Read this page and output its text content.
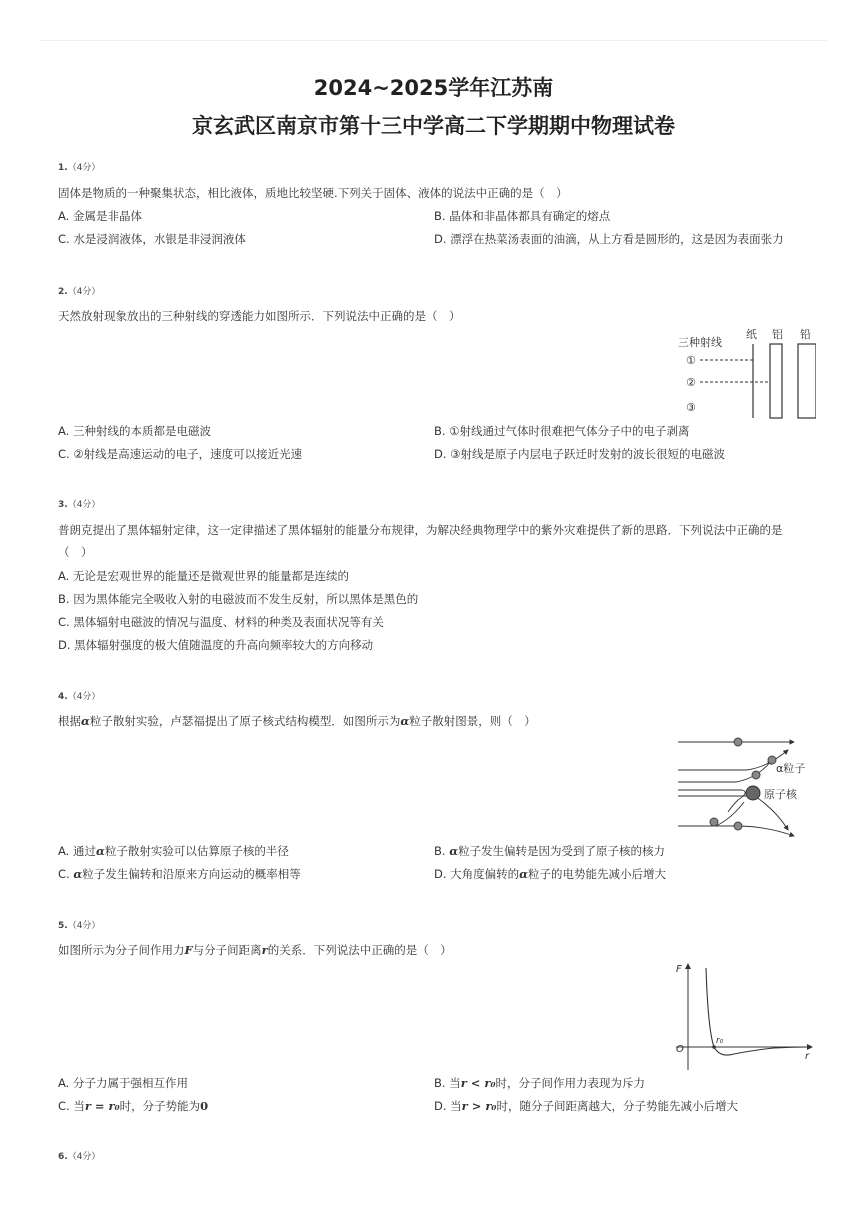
2024~2025学年江苏南
京玄武区南京市第十三中学高二下学期期中物理试卷
1.（4分）
固体是物质的一种聚集状态，相比液体，质地比较坚硬.下列关于固体、液体的说法中正确的是（　）
A. 金属是非晶体	B. 晶体和非晶体都具有确定的熔点
C. 水是浸润液体，水银是非浸润液体	D. 漂浮在热菜汤表面的油滴，从上方看是圆形的，这是因为表面张力
2.（4分）
天然放射现象放出的三种射线的穿透能力如图所示．下列说法中正确的是（　）
三种射线
纸 铝 铅
①
②
③
A. 三种射线的本质都是电磁波	B. ①射线通过气体时很难把气体分子中的电子剥离
C. ②射线是高速运动的电子，速度可以接近光速	D. ③射线是原子内层电子跃迁时发射的波长很短的电磁波
3.（4分）
普朗克提出了黑体辐射定律，这一定律描述了黑体辐射的能量分布规律，为解决经典物理学中的紫外灾难提供了新的思路．下列说法中正确的是（　）
A. 无论是宏观世界的能量还是微观世界的能量都是连续的
B. 因为黑体能完全吸收入射的电磁波而不发生反射，所以黑体是黑色的
C. 黑体辐射电磁波的情况与温度、材料的种类及表面状况等有关
D. 黑体辐射强度的极大值随温度的升高向频率较大的方向移动
4.（4分）
根据α粒子散射实验，卢瑟福提出了原子核式结构模型．如图所示为α粒子散射图景，则（　）
α粒子
原子核
A. 通过α粒子散射实验可以估算原子核的半径	B. α粒子发生偏转是因为受到了原子核的核力
C. α粒子发生偏转和沿原来方向运动的概率相等	D. 大角度偏转的α粒子的电势能先减小后增大
5.（4分）
如图所示为分子间作用力F与分子间距离r的关系．下列说法中正确的是（　）
F
r
O
r₀
A. 分子力属于强相互作用	B. 当r < r₀时，分子间作用力表现为斥力
C. 当r = r₀时，分子势能为0	D. 当r > r₀时，随分子间距离越大，分子势能先减小后增大
6.（4分）
